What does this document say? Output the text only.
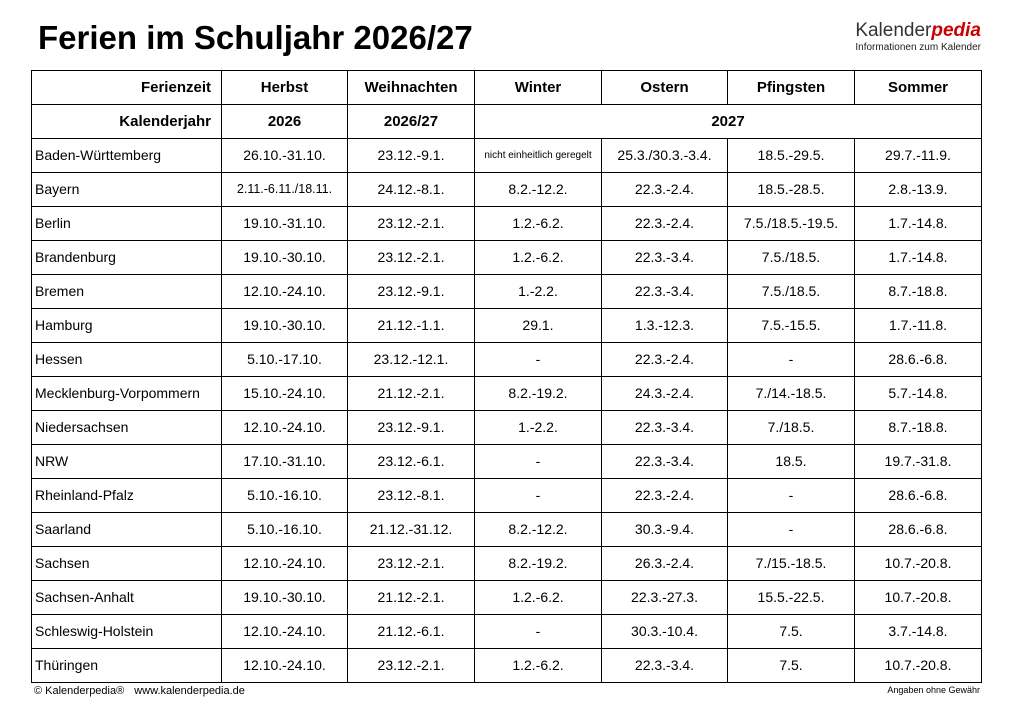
Ferien im Schuljahr 2026/27	Kalenderpedia
Informationen zum Kalender
Ferienzeit	Herbst	Weihnachten	Winter	Ostern	Pfingsten	Sommer
Kalenderjahr	2026	2026/27	2027			
Baden-Württemberg	26.10.-31.10.	23.12.-9.1.	nicht einheitlich geregelt	25.3./30.3.-3.4.	18.5.-29.5.	29.7.-11.9.
Bayern	2.11.-6.11./18.11.	24.12.-8.1.	8.2.-12.2.	22.3.-2.4.	18.5.-28.5.	2.8.-13.9.
Berlin	19.10.-31.10.	23.12.-2.1.	1.2.-6.2.	22.3.-2.4.	7.5./18.5.-19.5.	1.7.-14.8.
Brandenburg	19.10.-30.10.	23.12.-2.1.	1.2.-6.2.	22.3.-3.4.	7.5./18.5.	1.7.-14.8.
Bremen	12.10.-24.10.	23.12.-9.1.	1.-2.2.	22.3.-3.4.	7.5./18.5.	8.7.-18.8.
Hamburg	19.10.-30.10.	21.12.-1.1.	29.1.	1.3.-12.3.	7.5.-15.5.	1.7.-11.8.
Hessen	5.10.-17.10.	23.12.-12.1.	-	22.3.-2.4.	-	28.6.-6.8.
Mecklenburg-Vorpommern	15.10.-24.10.	21.12.-2.1.	8.2.-19.2.	24.3.-2.4.	7./14.-18.5.	5.7.-14.8.
Niedersachsen	12.10.-24.10.	23.12.-9.1.	1.-2.2.	22.3.-3.4.	7./18.5.	8.7.-18.8.
NRW	17.10.-31.10.	23.12.-6.1.	-	22.3.-3.4.	18.5.	19.7.-31.8.
Rheinland-Pfalz	5.10.-16.10.	23.12.-8.1.	-	22.3.-2.4.	-	28.6.-6.8.
Saarland	5.10.-16.10.	21.12.-31.12.	8.2.-12.2.	30.3.-9.4.	-	28.6.-6.8.
Sachsen	12.10.-24.10.	23.12.-2.1.	8.2.-19.2.	26.3.-2.4.	7./15.-18.5.	10.7.-20.8.
Sachsen-Anhalt	19.10.-30.10.	21.12.-2.1.	1.2.-6.2.	22.3.-27.3.	15.5.-22.5.	10.7.-20.8.
Schleswig-Holstein	12.10.-24.10.	21.12.-6.1.	-	30.3.-10.4.	7.5.	3.7.-14.8.
Thüringen	12.10.-24.10.	23.12.-2.1.	1.2.-6.2.	22.3.-3.4.	7.5.	10.7.-20.8.
© Kalenderpedia® www.kalenderpedia.de	Angaben ohne Gewähr
